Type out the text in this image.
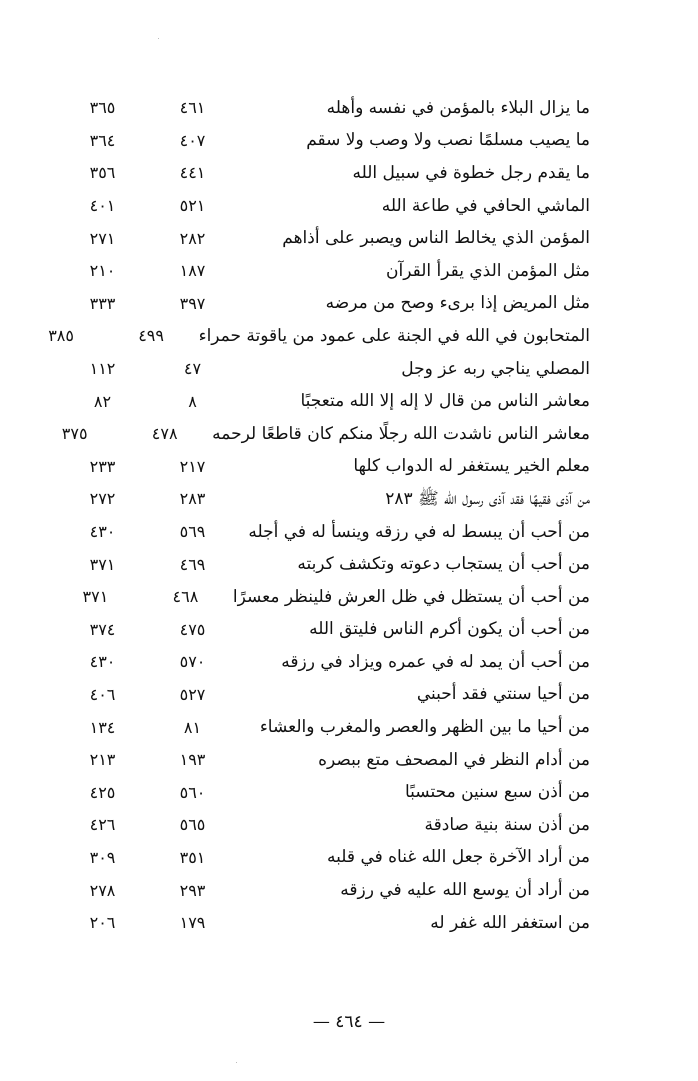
ما يزال البلاء بالمؤمن في نفسه وأهله
٤٦١
٣٦٥
ما يصيب مسلمًا نصب ولا وصب ولا سقم
٤٠٧
٣٦٤
ما يقدم رجل خطوة في سبيل الله
٤٤١
٣٥٦
الماشي الحافي في طاعة الله
٥٢١
٤٠١
المؤمن الذي يخالط الناس ويصبر على أذاهم
٢٨٢
٢٧١
مثل المؤمن الذي يقرأ القرآن
١٨٧
٢١٠
مثل المريض إذا برىء وصح من مرضه
٣٩٧
٣٣٣
المتحابون في الله في الجنة على عمود من ياقوتة حمراء
٤٩٩
٣٨٥
المصلي يناجي ربه عز وجل
٤٧
١١٢
معاشر الناس من قال لا إله إلا الله متعجبًا
٨
٨٢
معاشر الناس ناشدت الله رجلًا منكم كان قاطعًا لرحمه
٤٧٨
٣٧٥
معلم الخير يستغفر له الدواب كلها
٢١٧
٢٣٣
من آذى فقيهًا فقد آذى رسول الله ﷺ ٢٨٣
٢٨٣
٢٧٢
من أحب أن يبسط له في رزقه وينسأ له في أجله
٥٦٩
٤٣٠
من أحب أن يستجاب دعوته وتكشف كربته
٤٦٩
٣٧١
من أحب أن يستظل في ظل العرش فلينظر معسرًا
٤٦٨
٣٧١
من أحب أن يكون أكرم الناس فليتق الله
٤٧٥
٣٧٤
من أحب أن يمد له في عمره ويزاد في رزقه
٥٧٠
٤٣٠
من أحيا سنتي فقد أحبني
٥٢٧
٤٠٦
من أحيا ما بين الظهر والعصر والمغرب والعشاء
٨١
١٣٤
من أدام النظر في المصحف متع ببصره
١٩٣
٢١٣
من أذن سبع سنين محتسبًا
٥٦٠
٤٢٥
من أذن سنة بنية صادقة
٥٦٥
٤٢٦
من أراد الآخرة جعل الله غناه في قلبه
٣٥١
٣٠٩
من أراد أن يوسع الله عليه في رزقه
٢٩٣
٢٧٨
من استغفر الله غفر له
١٧٩
٢٠٦
— ٤٦٤ —
